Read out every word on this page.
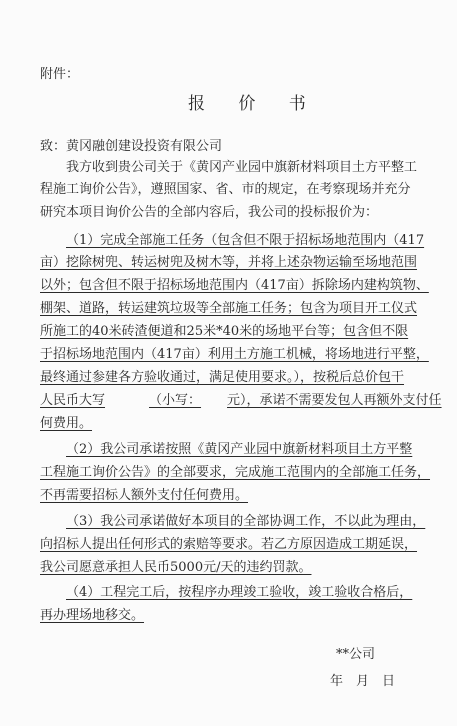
附件：
报 价 书
致：黄冈融创建设投资有限公司
我方收到贵公司关于《黄冈产业园中旗新材料项目土方平整工
程施工询价公告》，遵照国家、省、市的规定，在考察现场并充分
研究本项目询价公告的全部内容后，我公司的投标报价为：
（1）完成全部施工任务（包含但不限于招标场地范围内（417
亩）挖除树兜、转运树兜及树木等，并将上述杂物运输至场地范围
以外；包含但不限于招标场地范围内（417亩）拆除场内建构筑物、
棚架、道路，转运建筑垃圾等全部施工任务；包含为项目开工仪式
所施工的40米砖渣便道和25米*40米的场地平台等；包含但不限
于招标场地范围内（417亩）利用土方施工机械，将场地进行平整，
最终通过参建各方验收通过，满足使用要求。），按税后总价包干
人民币大写	（小写： 元），承诺不需要发包人再额外支付任
何费用。
（2）我公司承诺按照《黄冈产业园中旗新材料项目土方平整
工程施工询价公告》的全部要求，完成施工范围内的全部施工任务，
不再需要招标人额外支付任何费用。
（3）我公司承诺做好本项目的全部协调工作，不以此为理由，
向招标人提出任何形式的索赔等要求。若乙方原因造成工期延误，
我公司愿意承担人民币5000元/天的违约罚款。
（4）工程完工后，按程序办理竣工验收，竣工验收合格后，
再办理场地移交。
**公司
年　月　日
